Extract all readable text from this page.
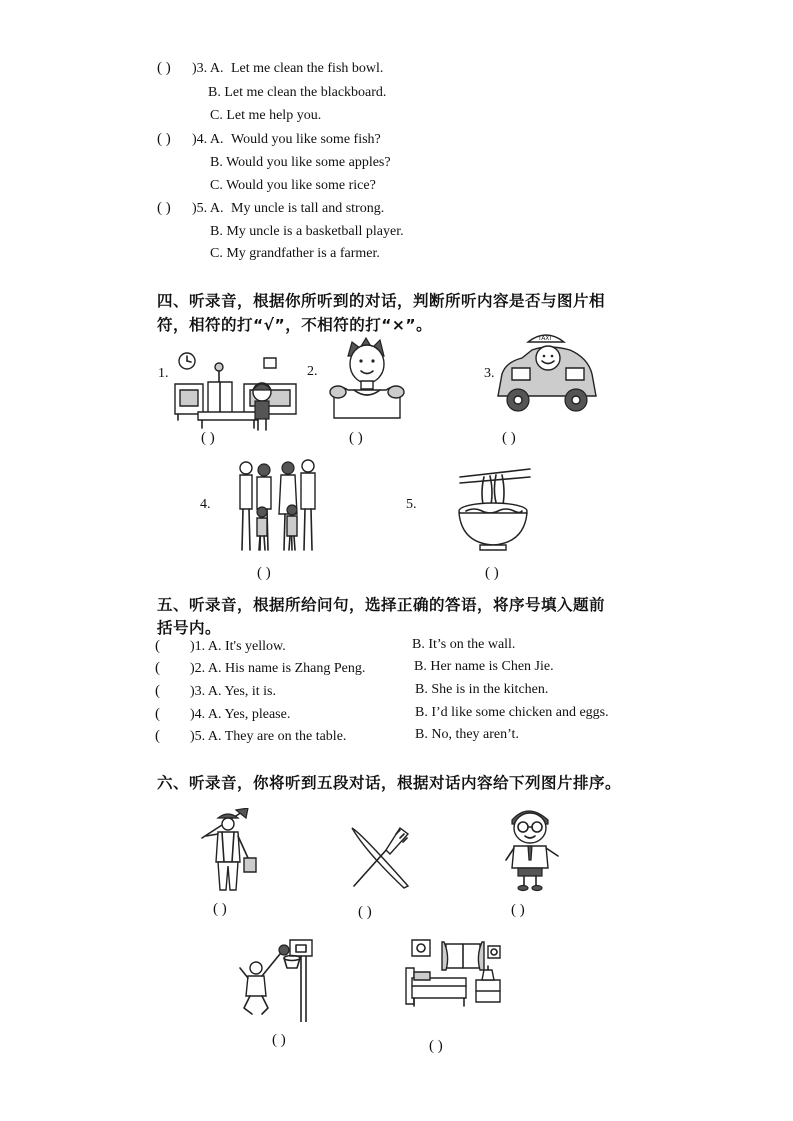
( ) )3. A. Let me clean the fish bowl.
B. Let me clean the blackboard.
C. Let me help you.
( ) )4. A. Would you like some fish?
B. Would you like some apples?
C. Would you like some rice?
( ) )5. A. My uncle is tall and strong.
B. My uncle is a basketball player.
C. My grandfather is a farmer.
四、听录音，根据你所听到的对话，判断所听内容是否与图片相
符，相符的打“√”，不相符的打“×”。
1.
( )
2.
( )
3.
TAXI
( )
4.
( )
5.
( )
五、听录音，根据所给问句，选择正确的答语，将序号填入题前
括号内。
( )1. A. It's yellow.	B. It’s on the wall.
( )2. A. His name is Zhang Peng.	B. Her name is Chen Jie.
( )3. A. Yes, it is.	B. She is in the kitchen.
( )4. A. Yes, please.	B. I’d like some chicken and eggs.
( )5. A. They are on the table.	B. No, they aren’t.
六、听录音，你将听到五段对话，根据对话内容给下列图片排序。
( )	( )	( )
( )	( )
